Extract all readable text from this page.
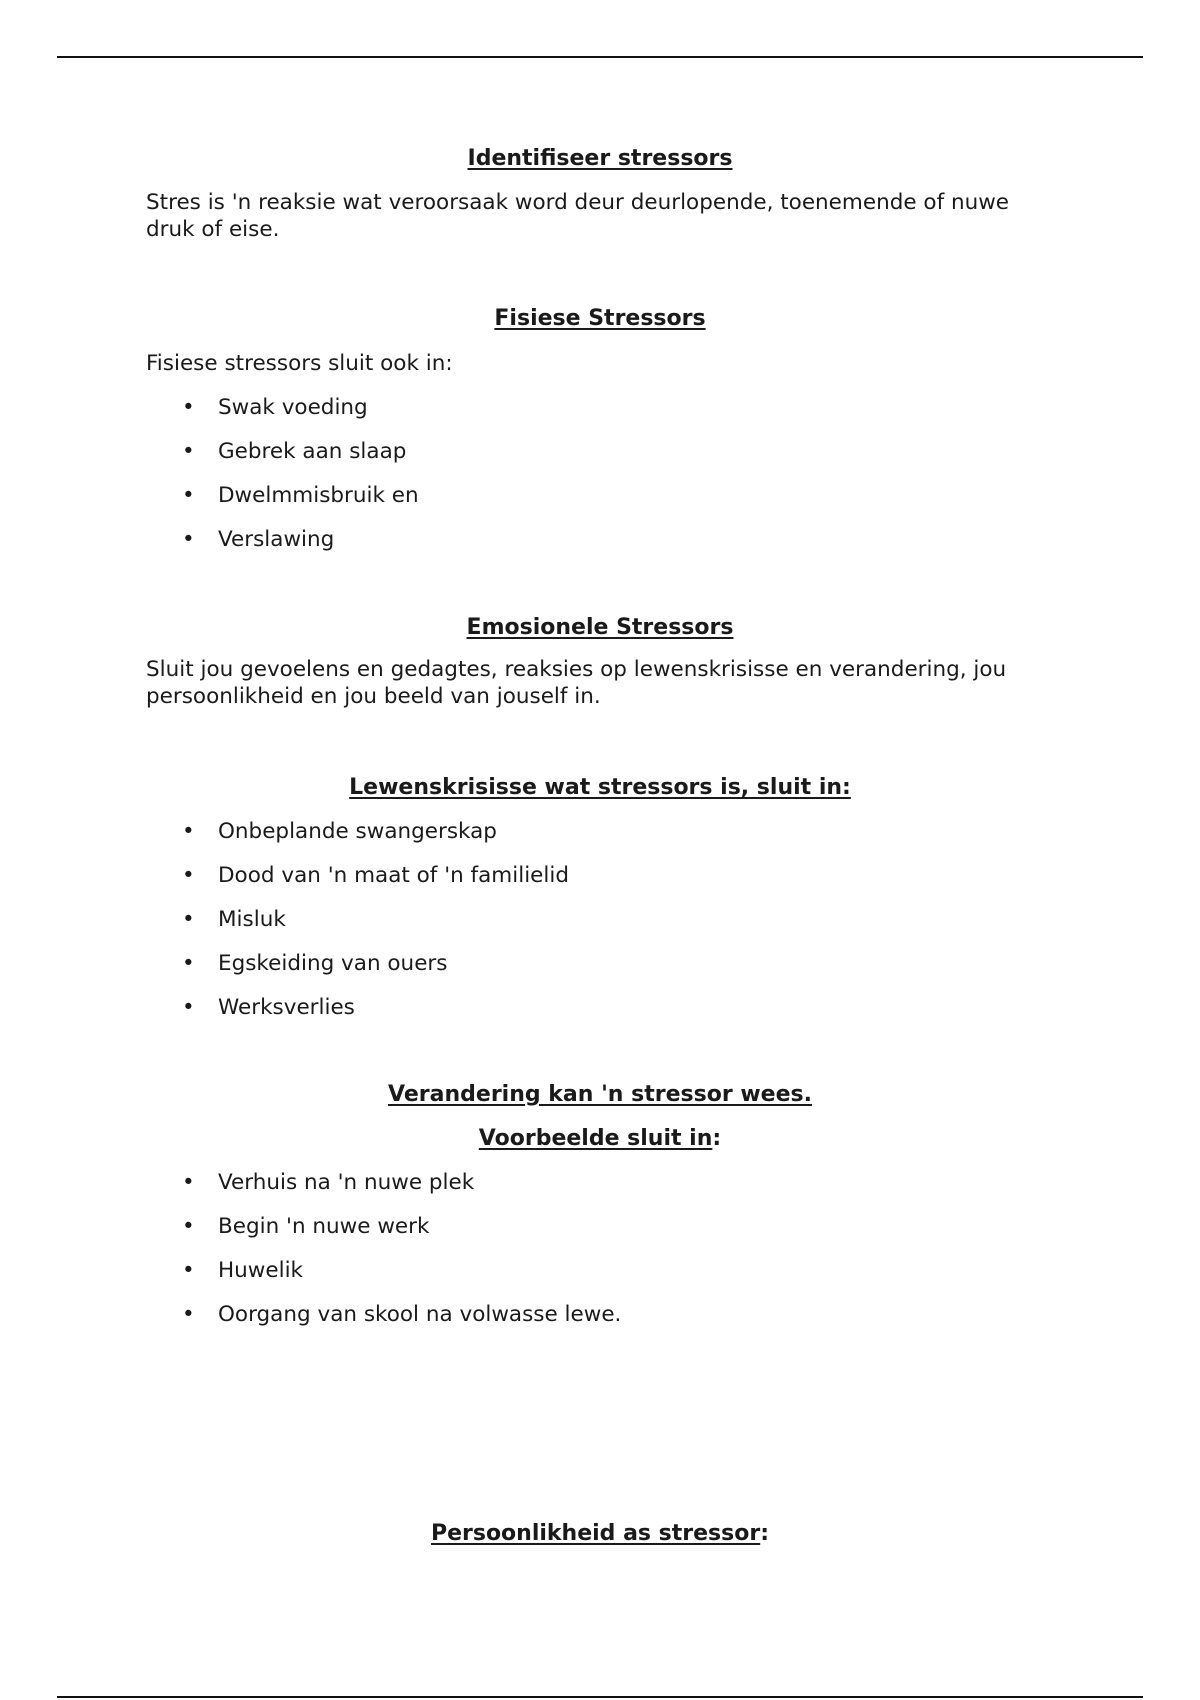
Identifiseer stressors
Stres is 'n reaksie wat veroorsaak word deur deurlopende, toenemende of nuwe druk of eise.
Fisiese Stressors
Fisiese stressors sluit ook in:
• Swak voeding
• Gebrek aan slaap
• Dwelmmisbruik en
• Verslawing
Emosionele Stressors
Sluit jou gevoelens en gedagtes, reaksies op lewenskrisisse en verandering, jou persoonlikheid en jou beeld van jouself in.
Lewenskrisisse wat stressors is, sluit in:
• Onbeplande swangerskap
• Dood van 'n maat of 'n familielid
• Misluk
• Egskeiding van ouers
• Werksverlies
Verandering kan 'n stressor wees.
Voorbeelde sluit in:
• Verhuis na 'n nuwe plek
• Begin 'n nuwe werk
• Huwelik
• Oorgang van skool na volwasse lewe.
Persoonlikheid as stressor:
